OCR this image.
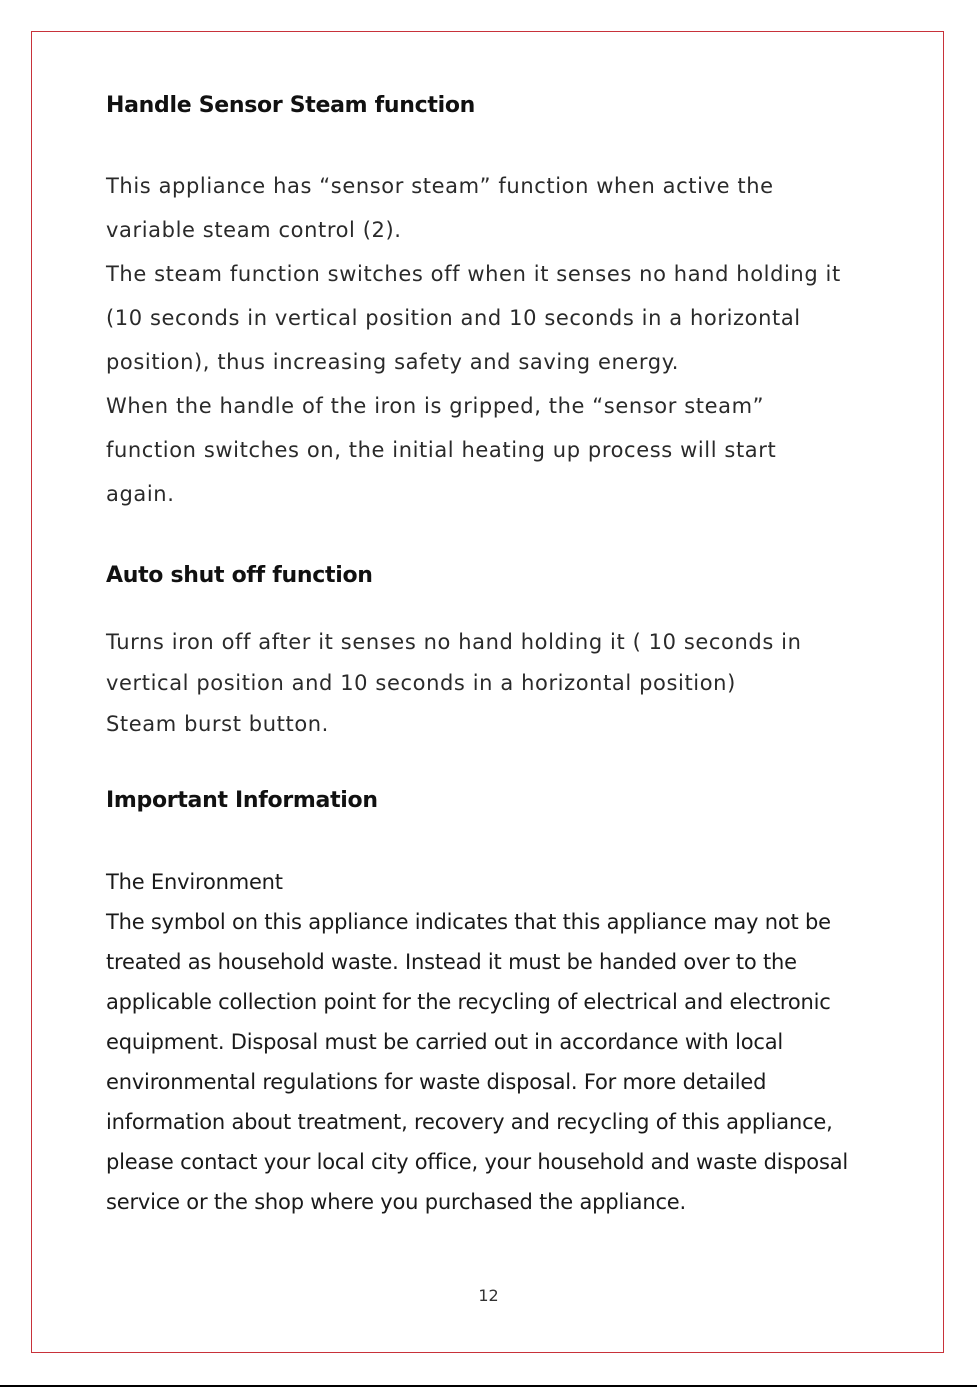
Handle Sensor Steam function

This appliance has “sensor steam” function when active the
variable steam control (2).
The steam function switches off when it senses no hand holding it
(10 seconds in vertical position and 10 seconds in a horizontal
position), thus increasing safety and saving energy.
When the handle of the iron is gripped, the “sensor steam”
function switches on, the initial heating up process will start
again.

Auto shut off function

Turns iron off after it senses no hand holding it ( 10 seconds in
vertical position and 10 seconds in a horizontal position)
Steam burst button.

Important Information

The Environment
The symbol on this appliance indicates that this appliance may not be
treated as household waste. Instead it must be handed over to the
applicable collection point for the recycling of electrical and electronic
equipment. Disposal must be carried out in accordance with local
environmental regulations for waste disposal. For more detailed
information about treatment, recovery and recycling of this appliance,
please contact your local city office, your household and waste disposal
service or the shop where you purchased the appliance.

12
